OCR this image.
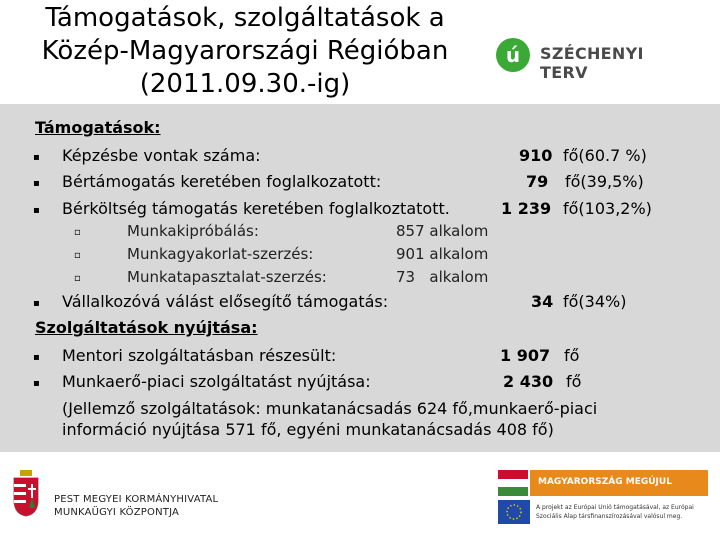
Támogatások, szolgáltatások a
Közép-Magyarországi Régióban
(2011.09.30.-ig)
ú	SZÉCHENYI TERV
Támogatások:
▪ Képzésbe vontak száma:	910 fő(60.7 %)
▪ Bértámogatás keretében foglalkozatott:	79 fő(39,5%)
▪ Bérköltség támogatás keretében foglalkoztatott.	1 239 fő(103,2%)
▫	Munkakipróbálás:	857 alkalom
▫	Munkagyakorlat-szerzés:	901 alkalom
▫	Munkatapasztalat-szerzés:	73   alkalom
▪ Vállalkozóvá válást elősegítő támogatás:	34 fő(34%)
Szolgáltatások nyújtása:
▪ Mentori szolgáltatásban részesült:	1 907 fő
▪ Munkaerő-piaci szolgáltatást nyújtása:	2 430 fő
(Jellemző szolgáltatások: munkatanácsadás 624 fő,munkaerő-piaci
információ nyújtása 571 fő, egyéni munkatanácsadás 408 fő)
PEST MEGYEI KORMÁNYHIVATAL
MUNKAÜGYI KÖZPONTJA
MAGYARORSZÁG MEGÚJUL
A projekt az Európai Unió támogatásával, az Európai
Szociális Alap társfinanszírozásával valósul meg.
